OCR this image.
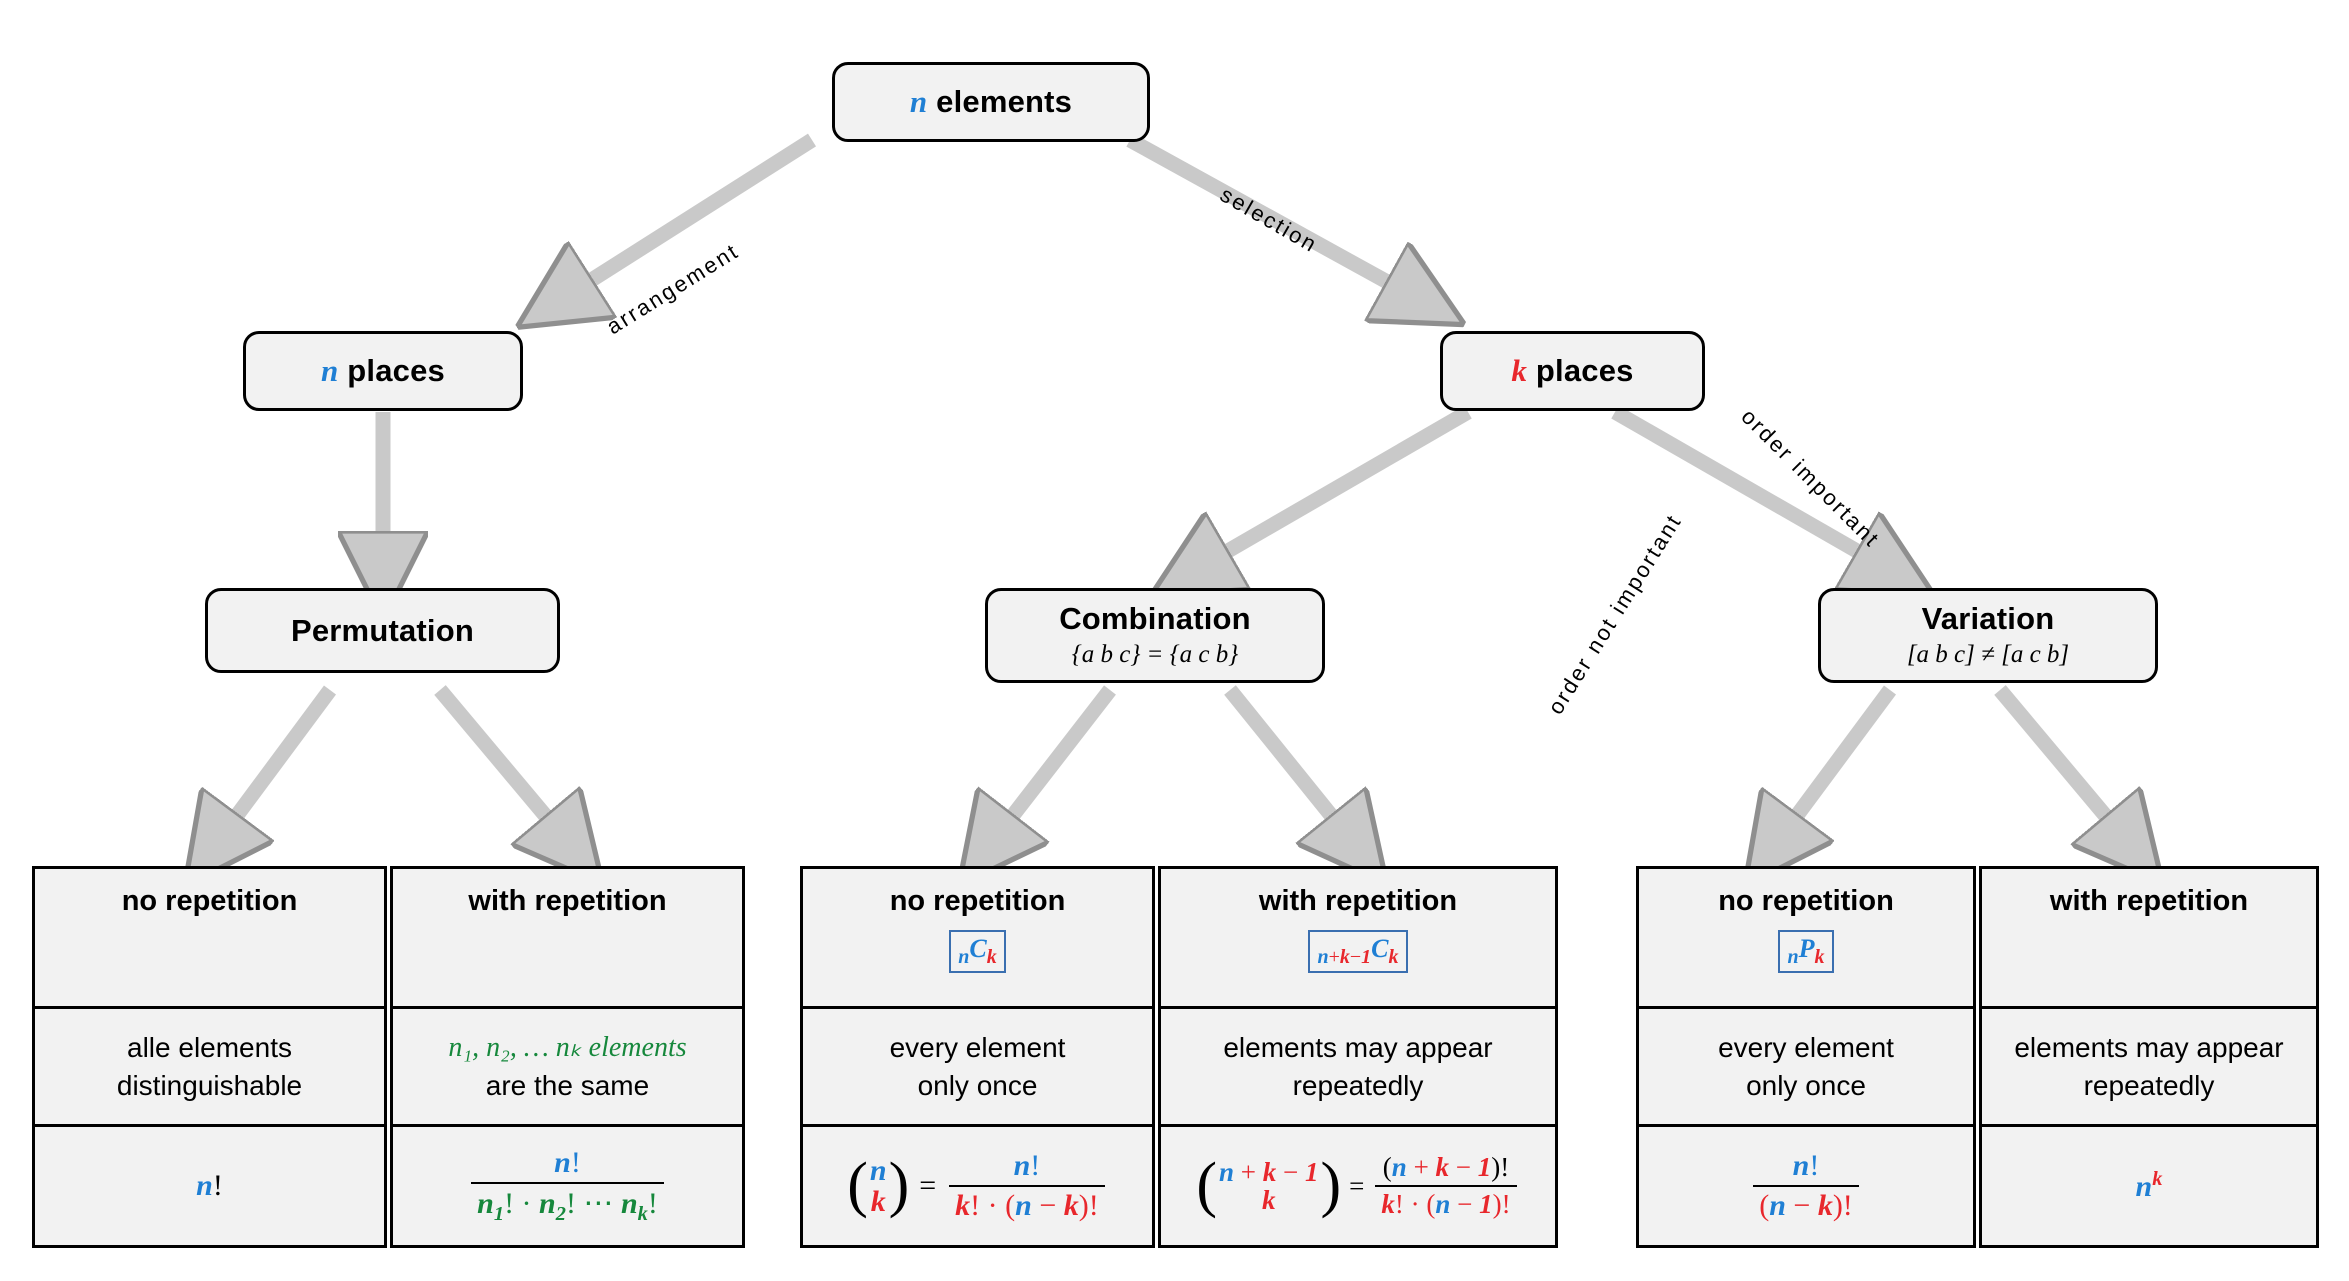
n elements
n places	k places
Permutation	Combination
{a b c} = {a c b}
Variation
[a b c] ≠ [a c b]
arrangement
selection
order not important
order important
no repetition
alle elements
distinguishable
n!
with repetition
n₁, n₂, … nₖ elements
are the same
$\frac{n!}{n_1! \cdot n_2! \cdots n_k!}$
no repetition
$_nC_k$
every element
only once
( n
k ) = $\frac{n!}{k! \cdot (n - k)!}$
with repetition
$_{n+k-1}C_k$
elements may appear
repeatedly
( n + k − 1
k ) = $\frac{(n + k - 1)!}{k! \cdot (n - 1)!}$
no repetition
$_nP_k$
every element
only once
$\frac{n!}{(n - k)!}$
with repetition
elements may appear
repeatedly
$n^k$
